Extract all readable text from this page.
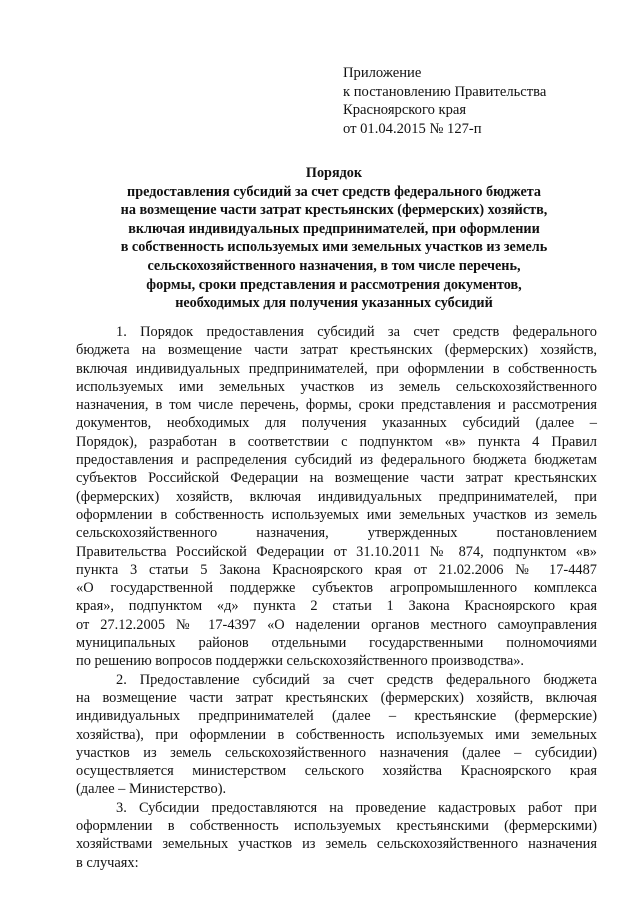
Приложение
к постановлению Правительства
Красноярского края
от 01.04.2015 № 127-п
Порядок
предоставления субсидий за счет средств федерального бюджета
на возмещение части затрат крестьянских (фермерских) хозяйств,
включая индивидуальных предпринимателей, при оформлении
в собственность используемых ими земельных участков из земель
сельскохозяйственного назначения, в том числе перечень,
формы, сроки представления и рассмотрения документов,
необходимых для получения указанных субсидий
1. Порядок предоставления субсидий за счет средств федерального
бюджета на возмещение части затрат крестьянских (фермерских) хозяйств,
включая индивидуальных предпринимателей, при оформлении в собственность
используемых ими земельных участков из земель сельскохозяйственного
назначения, в том числе перечень, формы, сроки представления и рассмотрения
документов, необходимых для получения указанных субсидий (далее –
Порядок), разработан в соответствии с подпунктом «в» пункта 4 Правил
предоставления и распределения субсидий из федерального бюджета бюджетам
субъектов Российской Федерации на возмещение части затрат крестьянских
(фермерских) хозяйств, включая индивидуальных предпринимателей, при
оформлении в собственность используемых ими земельных участков из земель
сельскохозяйственного назначения, утвержденных постановлением
Правительства Российской Федерации от 31.10.2011 № 874, подпунктом «в»
пункта 3 статьи 5 Закона Красноярского края от 21.02.2006 № 17-4487
«О государственной поддержке субъектов агропромышленного комплекса
края», подпунктом «д» пункта 2 статьи 1 Закона Красноярского края
от 27.12.2005 № 17-4397 «О наделении органов местного самоуправления
муниципальных районов отдельными государственными полномочиями
по решению вопросов поддержки сельскохозяйственного производства».
2. Предоставление субсидий за счет средств федерального бюджета
на возмещение части затрат крестьянских (фермерских) хозяйств, включая
индивидуальных предпринимателей (далее – крестьянские (фермерские)
хозяйства), при оформлении в собственность используемых ими земельных
участков из земель сельскохозяйственного назначения (далее – субсидии)
осуществляется министерством сельского хозяйства Красноярского края
(далее – Министерство).
3. Субсидии предоставляются на проведение кадастровых работ при
оформлении в собственность используемых крестьянскими (фермерскими)
хозяйствами земельных участков из земель сельскохозяйственного назначения
в случаях:
